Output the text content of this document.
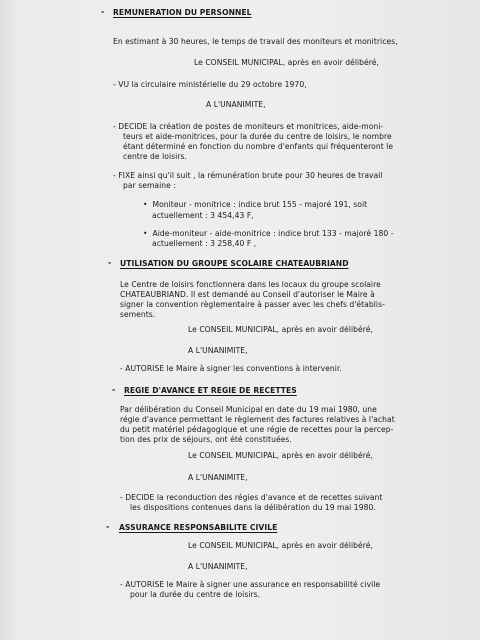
- REMUNERATION DU PERSONNEL
En estimant à 30 heures, le temps de travail des moniteurs et monitrices,
Le CONSEIL MUNICIPAL, après en avoir délibéré,
- VU la circulaire ministérielle du 29 octobre 1970,
A L'UNANIMITE,
- DECIDE la création de postes de moniteurs et monitrices, aide-moni-
teurs et aide-monitrices, pour la durée du centre de loisirs, le nombre
étant déterminé en fonction du nombre d'enfants qui fréquenteront le
centre de loisirs.
- FIXE ainsi qu'il suit , la rémunération brute pour 30 heures de travail
par semaine :
•  Moniteur - monitrice : indice brut 155 - majoré 191, soit
actuellement : 3 454,43 F,
•  Aide-moniteur - aide-monitrice : indice brut 133 - majoré 180 -
actuellement : 3 258,40 F ,
- UTILISATION DU GROUPE SCOLAIRE CHATEAUBRIAND
Le Centre de loisirs fonctionnera dans les locaux du groupe scolaire
CHATEAUBRIAND. Il est demandé au Conseil d'autoriser le Maire à
signer la convention règlementaire à passer avec les chefs d'établis-
sements.
Le CONSEIL MUNICIPAL, après en avoir délibéré,
A L'UNANIMITE,
- AUTORISE le Maire à signer les conventions à intervenir.
- REGIE D'AVANCE ET REGIE DE RECETTES
Par délibération du Conseil Municipal en date du 19 mai 1980, une
régie d'avance permettant le règlement des factures relatives à l'achat
du petit matériel pédagogique et une régie de recettes pour la percep-
tion des prix de séjours, ont été constituées.
Le CONSEIL MUNICIPAL, après en avoir délibéré,
A L'UNANIMITE,
- DECIDE la reconduction des régies d'avance et de recettes suivant
les dispositions contenues dans la délibération du 19 mai 1980.
- ASSURANCE RESPONSABILITE CIVILE
Le CONSEIL MUNICIPAL, après en avoir délibéré,
A L'UNANIMITE,
- AUTORISE le Maire à signer une assurance en responsabilité civile
pour la durée du centre de loisirs.
